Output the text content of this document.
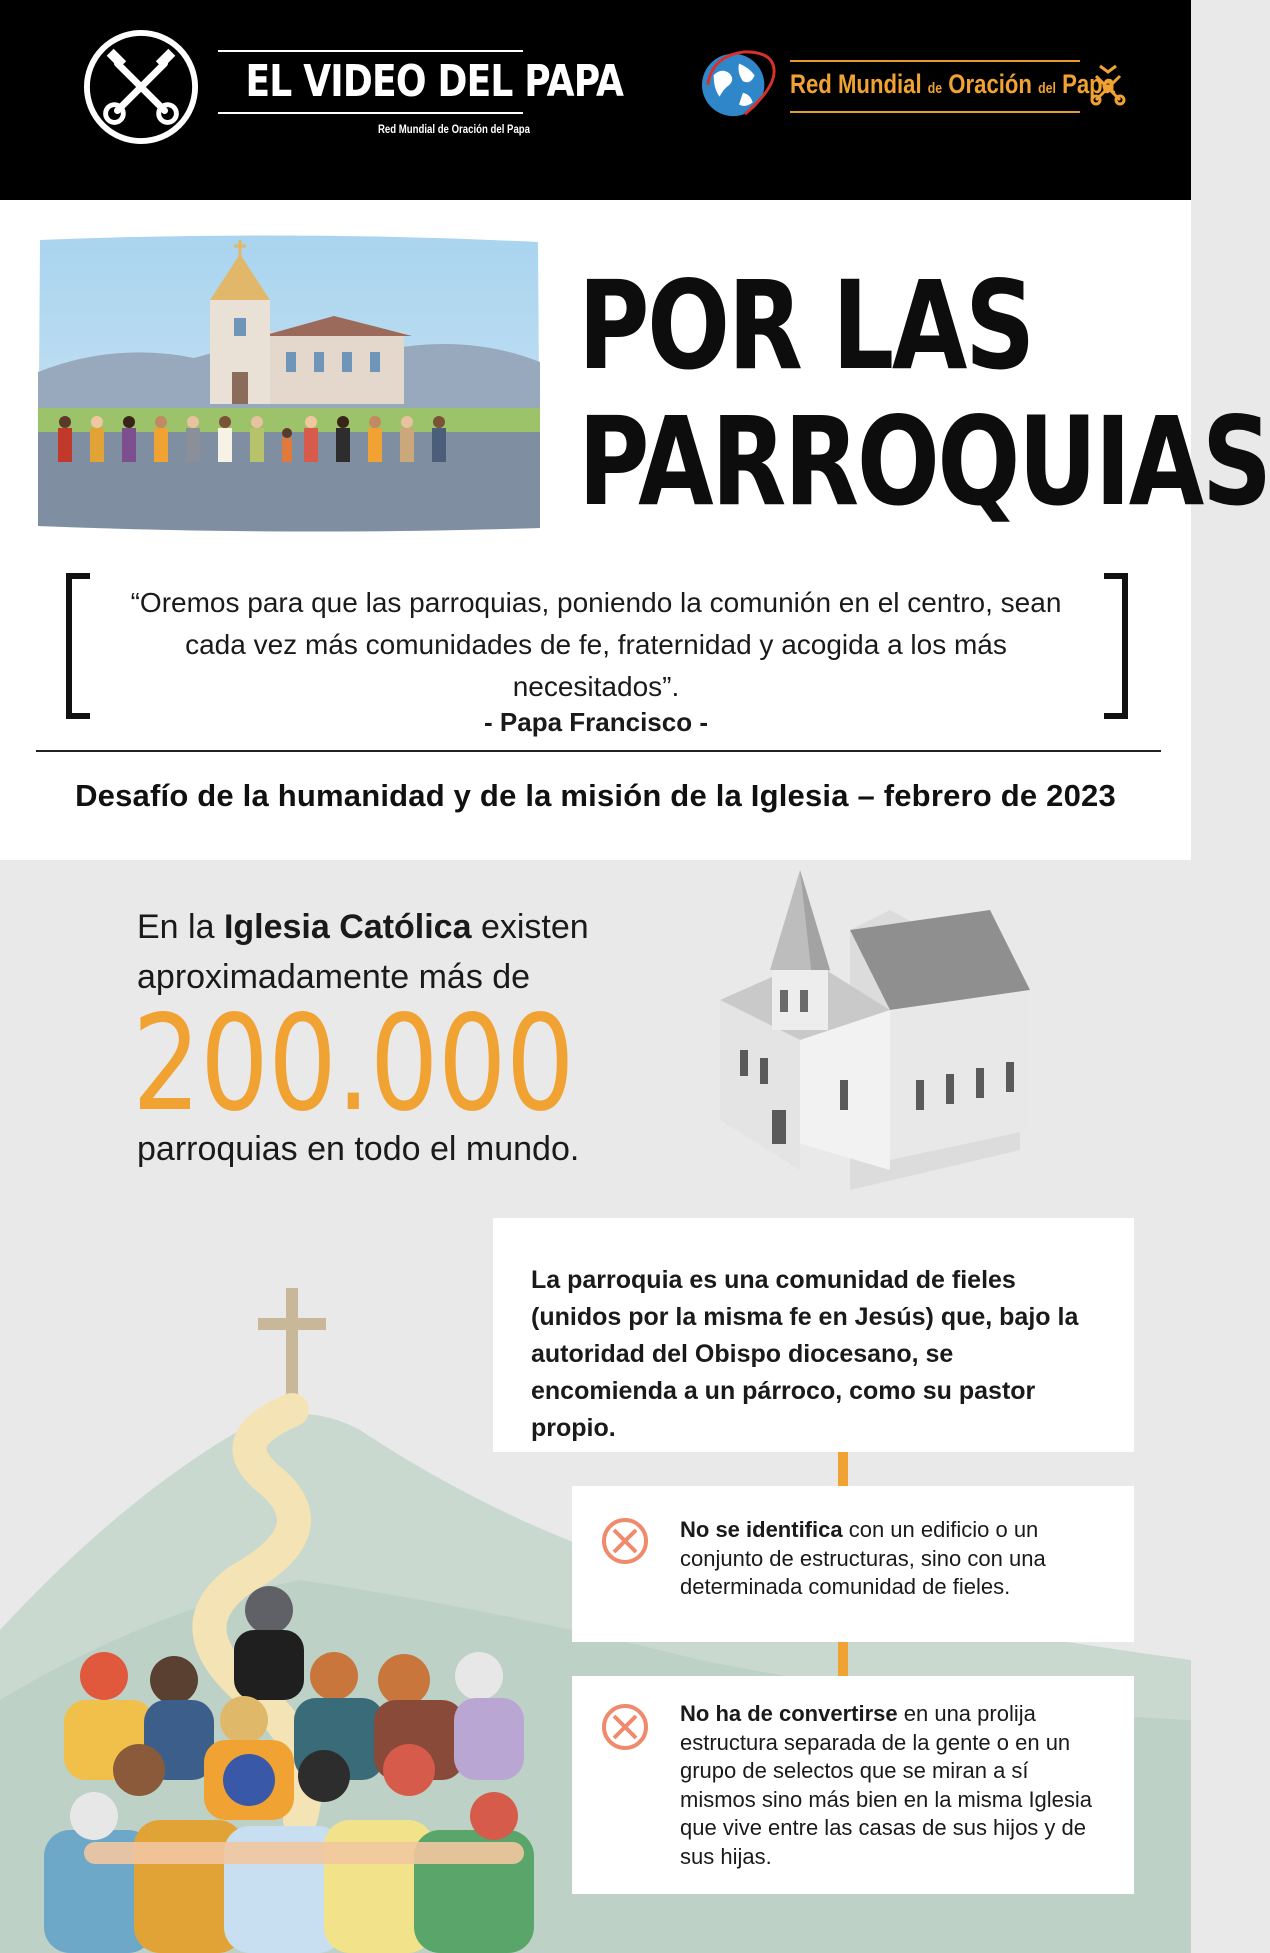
EL VIDEO DEL PAPA
Red Mundial de Oración del Papa
Red Mundial de Oración del Papa
POR LAS
PARROQUIAS
“Oremos para que las parroquias, poniendo la comunión en el centro, sean cada vez más comunidades de fe, fraternidad y acogida a los más necesitados”.
- Papa Francisco -
Desafío de la humanidad y de la misión de la Iglesia – febrero de 2023
En la Iglesia Católica existen
aproximadamente más de
200.000
parroquias en todo el mundo.

La parroquia es una comunidad de fieles (unidos por la misma fe en Jesús) que, bajo la autoridad del Obispo diocesano, se encomienda a un párroco, como su pastor propio.

No se identifica con un edificio o un conjunto de estructuras, sino con una determinada comunidad de fieles.

No ha de convertirse en una prolija estructura separada de la gente o en un grupo de selectos que se miran a sí mismos sino más bien en la misma Iglesia que vive entre las casas de sus hijos y de sus hijas.
